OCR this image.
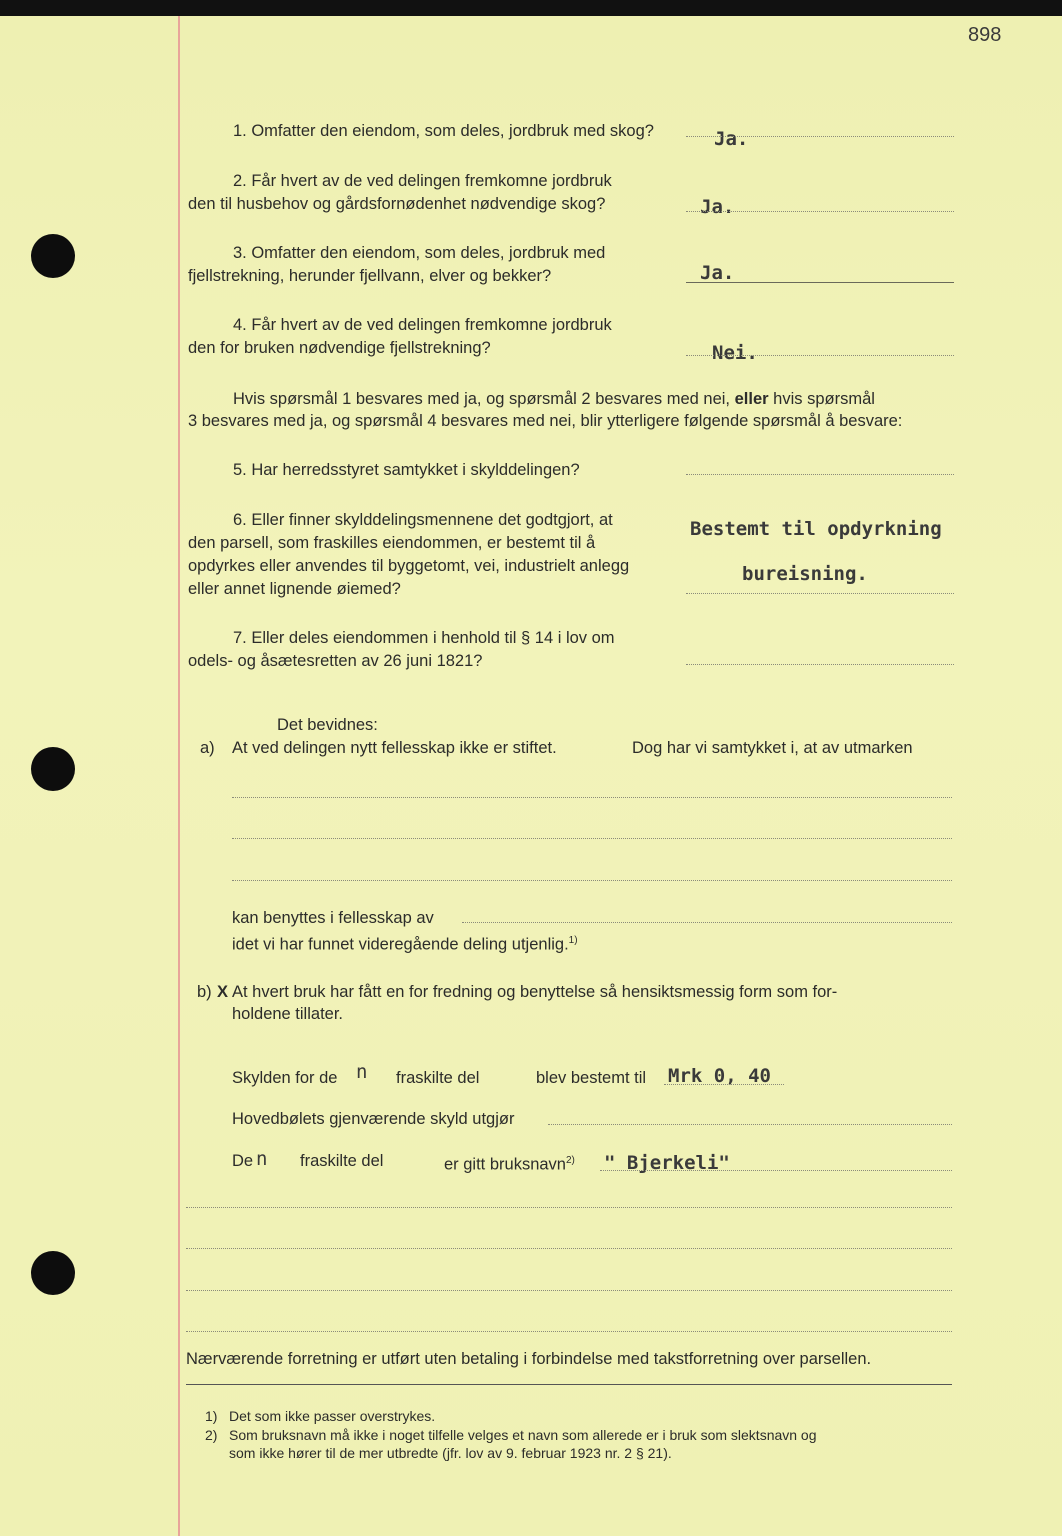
898
1. Omfatter den eiendom, som deles, jordbruk med skog?	Ja.
2. Får hvert av de ved delingen fremkomne jordbruk
den til husbehov og gårdsfornødenhet nødvendige skog?	Ja.
3. Omfatter den eiendom, som deles, jordbruk med
fjellstrekning, herunder fjellvann, elver og bekker?	Ja.
4. Får hvert av de ved delingen fremkomne jordbruk
den for bruken nødvendige fjellstrekning?	Nei.
Hvis spørsmål 1 besvares med ja, og spørsmål 2 besvares med nei, eller hvis spørsmål
3 besvares med ja, og spørsmål 4 besvares med nei, blir ytterligere følgende spørsmål å besvare:
5. Har herredsstyret samtykket i skylddelingen?
6. Eller finner skylddelingsmennene det godtgjort, at
den parsell, som fraskilles eiendommen, er bestemt til å
opdyrkes eller anvendes til byggetomt, vei, industrielt anlegg
eller annet lignende øiemed?
Bestemt til opdyrkning
bureisning.
7. Eller deles eiendommen i henhold til § 14 i lov om
odels- og åsætesretten av 26 juni 1821?
Det bevidnes:
a) At ved delingen nytt fellesskap ikke er stiftet.	Dog har vi samtykket i, at av utmarken
kan benyttes i fellesskap av
idet vi har funnet videregående deling utjenlig.$^{1)}$
b) X At hvert bruk har fått en for fredning og benyttelse så hensiktsmessig form som for-
holdene tillater.
Skylden for de n fraskilte del	blev bestemt til Mrk 0, 40
Hovedbølets gjenværende skyld utgjør
De n fraskilte del	er gitt bruksnavn$^{2)}$ " Bjerkeli"
Nærværende forretning er utført uten betaling i forbindelse med takstforretning over parsellen.
1) Det som ikke passer overstrykes.
2) Som bruksnavn må ikke i noget tilfelle velges et navn som allerede er i bruk som slektsnavn og
som ikke hører til de mer utbredte (jfr. lov av 9. februar 1923 nr. 2 § 21).
